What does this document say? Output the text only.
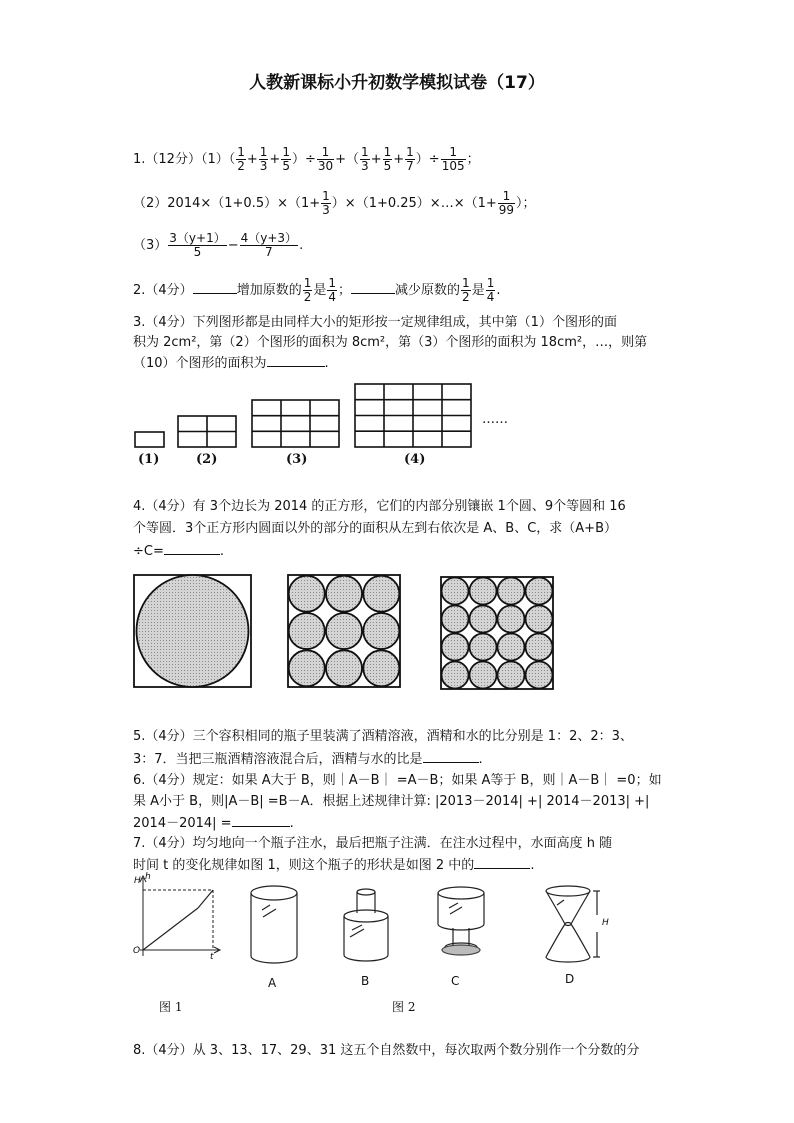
人教新课标小升初数学模拟试卷（17）
1.（12分）$(1)( \frac{1}{2} + \frac{1}{3} + \frac{1}{5}$ ）÷ $\frac{1}{30}$ +（ $\frac{1}{3} + \frac{1}{5} + \frac{1}{7}$ ）÷ $\frac{1}{105}$ ；
$(2)2014\times(1+0.5)\times(1+ \frac{1}{3}$ ）×（1+0.25）×…×（1+ $\frac{1}{99}$ ）；
$(3) \frac{3(y+1)}{5} - \frac{4(y+3)}{7}$ .
2.（4分）	增加原数的 $\frac{1}{2}$ 是 $\frac{1}{4}$ ；	减少原数的 $\frac{1}{2}$ 是 $\frac{1}{4}$ .
3.（4分）下列图形都是由同样大小的矩形按一定规律组成，其中第（1）个图形的面
积为 2cm²，第（2）个图形的面积为 8cm²，第（3）个图形的面积为 18cm²，…，则第
（10）个图形的面积为	.
(1)	(2)	(3)	(4)
……
4.（4分）有 3个边长为 2014 的正方形，它们的内部分别镶嵌 1个圆、9个等圆和 16
个等圆．3个正方形内圆面以外的部分的面积从左到右依次是 A、B、C，求（A+B）
÷C=	.
5.（4分）三个容积相同的瓶子里装满了酒精溶液，酒精和水的比分别是 1：2、2：3、
3：7．当把三瓶酒精溶液混合后，酒精与水的比是	.
6.（4分）规定：如果 A大于 B，则｜A－B｜ =A－B；如果 A等于 B，则｜A－B｜ =0；如
果 A小于 B，则|A－B| =B－A．根据上述规律计算: |2013－2014| +| 2014－2013| +|
2014－2014| =	.
7.（4分）均匀地向一个瓶子注水，最后把瓶子注满．在注水过程中，水面高度 h 随
时间 t 的变化规律如图 1，则这个瓶子的形状是如图 2 中的	.
H h
O
t
H
A	B	C	D
图 1	图 2
8.（4分）从 3、13、17、29、31 这五个自然数中，每次取两个数分别作一个分数的分
